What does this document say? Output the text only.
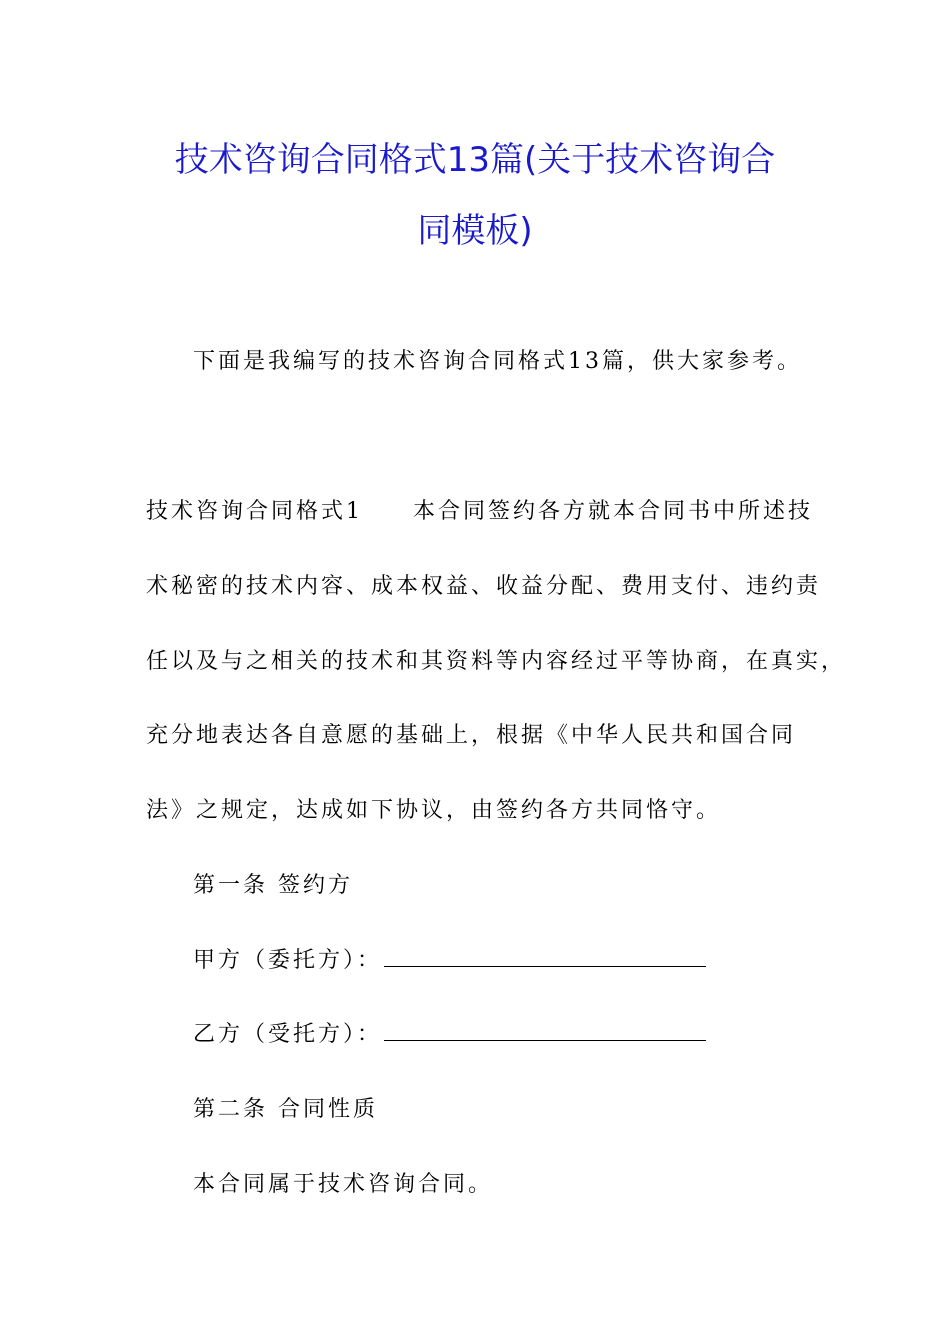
技术咨询合同格式13篇(关于技术咨询合
同模板)
下面是我编写的技术咨询合同格式13篇，供大家参考。
技术咨询合同格式1　　本合同签约各方就本合同书中所述技
术秘密的技术内容、成本权益、收益分配、费用支付、违约责
任以及与之相关的技术和其资料等内容经过平等协商，在真实，
充分地表达各自意愿的基础上，根据《中华人民共和国合同
法》之规定，达成如下协议，由签约各方共同恪守。
第一条 签约方
甲方（委托方）：
乙方（受托方）：
第二条 合同性质
本合同属于技术咨询合同。
